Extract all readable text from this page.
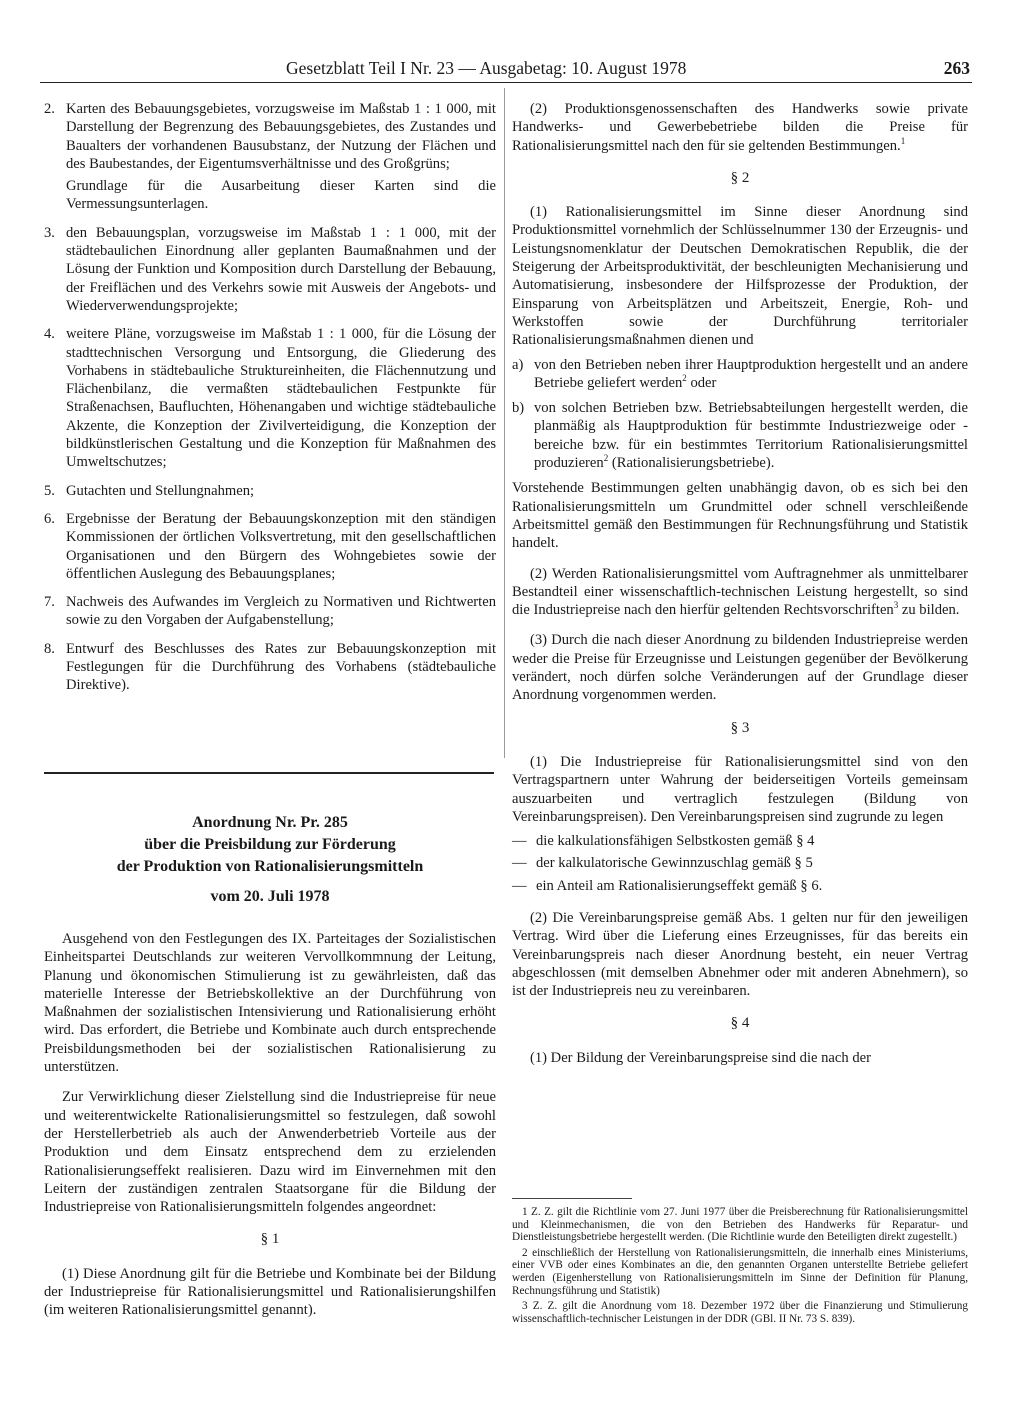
Gesetzblatt Teil I Nr. 23 — Ausgabetag: 10. August 1978	263
2. Karten des Bebauungsgebietes, vorzugsweise im Maßstab 1 : 1 000, mit Darstellung der Begrenzung des Bebauungsgebietes, des Zustandes und Baualters der vorhandenen Bausubstanz, der Nutzung der Flächen und des Baubestandes, der Eigentumsverhältnisse und des Großgrüns;
Grundlage für die Ausarbeitung dieser Karten sind die Vermessungsunterlagen.
3. den Bebauungsplan, vorzugsweise im Maßstab 1 : 1 000, mit der städtebaulichen Einordnung aller geplanten Baumaßnahmen und der Lösung der Funktion und Komposition durch Darstellung der Bebauung, der Freiflächen und des Verkehrs sowie mit Ausweis der Angebots- und Wiederverwendungsprojekte;
4. weitere Pläne, vorzugsweise im Maßstab 1 : 1 000, für die Lösung der stadttechnischen Versorgung und Entsorgung, die Gliederung des Vorhabens in städtebauliche Struktureinheiten, die Flächennutzung und Flächenbilanz, die vermaßten städtebaulichen Festpunkte für Straßenachsen, Baufluchten, Höhenangaben und wichtige städtebauliche Akzente, die Konzeption der Zivilverteidigung, die Konzeption der bildkünstlerischen Gestaltung und die Konzeption für Maßnahmen des Umweltschutzes;
5. Gutachten und Stellungnahmen;
6. Ergebnisse der Beratung der Bebauungskonzeption mit den ständigen Kommissionen der örtlichen Volksvertretung, mit den gesellschaftlichen Organisationen und den Bürgern des Wohngebietes sowie der öffentlichen Auslegung des Bebauungsplanes;
7. Nachweis des Aufwandes im Vergleich zu Normativen und Richtwerten sowie zu den Vorgaben der Aufgabenstellung;
8. Entwurf des Beschlusses des Rates zur Bebauungskonzeption mit Festlegungen für die Durchführung des Vorhabens (städtebauliche Direktive).
Anordnung Nr. Pr. 285
über die Preisbildung zur Förderung
der Produktion von Rationalisierungsmitteln
vom 20. Juli 1978

Ausgehend von den Festlegungen des IX. Parteitages der Sozialistischen Einheitspartei Deutschlands zur weiteren Vervollkommnung der Leitung, Planung und ökonomischen Stimulierung ist zu gewährleisten, daß das materielle Interesse der Betriebskollektive an der Durchführung von Maßnahmen der sozialistischen Intensivierung und Rationalisierung erhöht wird. Das erfordert, die Betriebe und Kombinate auch durch entsprechende Preisbildungsmethoden bei der sozialistischen Rationalisierung zu unterstützen.

Zur Verwirklichung dieser Zielstellung sind die Industriepreise für neue und weiterentwickelte Rationalisierungsmittel so festzulegen, daß sowohl der Herstellerbetrieb als auch der Anwenderbetrieb Vorteile aus der Produktion und dem Einsatz entsprechend dem zu erzielenden Rationalisierungseffekt realisieren. Dazu wird im Einvernehmen mit den Leitern der zuständigen zentralen Staatsorgane für die Bildung der Industriepreise von Rationalisierungsmitteln folgendes angeordnet:

§ 1

(1) Diese Anordnung gilt für die Betriebe und Kombinate bei der Bildung der Industriepreise für Rationalisierungsmittel und Rationalisierungshilfen (im weiteren Rationalisierungsmittel genannt).

(2) Produktionsgenossenschaften des Handwerks sowie private Handwerks- und Gewerbebetriebe bilden die Preise für Rationalisierungsmittel nach den für sie geltenden Bestimmungen.$^1$

§ 2

(1) Rationalisierungsmittel im Sinne dieser Anordnung sind Produktionsmittel vornehmlich der Schlüsselnummer 130 der Erzeugnis- und Leistungsnomenklatur der Deutschen Demokratischen Republik, die der Steigerung der Arbeitsproduktivität, der beschleunigten Mechanisierung und Automatisierung, insbesondere der Hilfsprozesse der Produktion, der Einsparung von Arbeitsplätzen und Arbeitszeit, Energie, Roh- und Werkstoffen sowie der Durchführung territorialer Rationalisierungsmaßnahmen dienen und

a) von den Betrieben neben ihrer Hauptproduktion hergestellt und an andere Betriebe geliefert werden$^2$ oder
b) von solchen Betrieben bzw. Betriebsabteilungen hergestellt werden, die planmäßig als Hauptproduktion für bestimmte Industriezweige oder -bereiche bzw. für ein bestimmtes Territorium Rationalisierungsmittel produzieren$^2$ (Rationalisierungsbetriebe).

Vorstehende Bestimmungen gelten unabhängig davon, ob es sich bei den Rationalisierungsmitteln um Grundmittel oder schnell verschleißende Arbeitsmittel gemäß den Bestimmungen für Rechnungsführung und Statistik handelt.

(2) Werden Rationalisierungsmittel vom Auftragnehmer als unmittelbarer Bestandteil einer wissenschaftlich-technischen Leistung hergestellt, so sind die Industriepreise nach den hierfür geltenden Rechtsvorschriften$^3$ zu bilden.

(3) Durch die nach dieser Anordnung zu bildenden Industriepreise werden weder die Preise für Erzeugnisse und Leistungen gegenüber der Bevölkerung verändert, noch dürfen solche Veränderungen auf der Grundlage dieser Anordnung vorgenommen werden.

§ 3

(1) Die Industriepreise für Rationalisierungsmittel sind von den Vertragspartnern unter Wahrung der beiderseitigen Vorteils gemeinsam auszuarbeiten und vertraglich festzulegen (Bildung von Vereinbarungspreisen). Den Vereinbarungspreisen sind zugrunde zu legen

— die kalkulationsfähigen Selbstkosten gemäß § 4
— der kalkulatorische Gewinnzuschlag gemäß § 5
— ein Anteil am Rationalisierungseffekt gemäß § 6.

(2) Die Vereinbarungspreise gemäß Abs. 1 gelten nur für den jeweiligen Vertrag. Wird über die Lieferung eines Erzeugnisses, für das bereits ein Vereinbarungspreis nach dieser Anordnung besteht, ein neuer Vertrag abgeschlossen (mit demselben Abnehmer oder mit anderen Abnehmern), so ist der Industriepreis neu zu vereinbaren.

§ 4

(1) Der Bildung der Vereinbarungspreise sind die nach der

1 Z. Z. gilt die Richtlinie vom 27. Juni 1977 über die Preisberechnung für Rationalisierungsmittel und Kleinmechanismen, die von den Betrieben des Handwerks für Reparatur- und Dienstleistungsbetriebe hergestellt werden. (Die Richtlinie wurde den Beteiligten direkt zugestellt.)

2 einschließlich der Herstellung von Rationalisierungsmitteln, die innerhalb eines Ministeriums, einer VVB oder eines Kombinates an die, den genannten Organen unterstellte Betriebe geliefert werden (Eigenherstellung von Rationalisierungsmitteln im Sinne der Definition für Planung, Rechnungsführung und Statistik)

3 Z. Z. gilt die Anordnung vom 18. Dezember 1972 über die Finanzierung und Stimulierung wissenschaftlich-technischer Leistungen in der DDR (GBl. II Nr. 73 S. 839).
